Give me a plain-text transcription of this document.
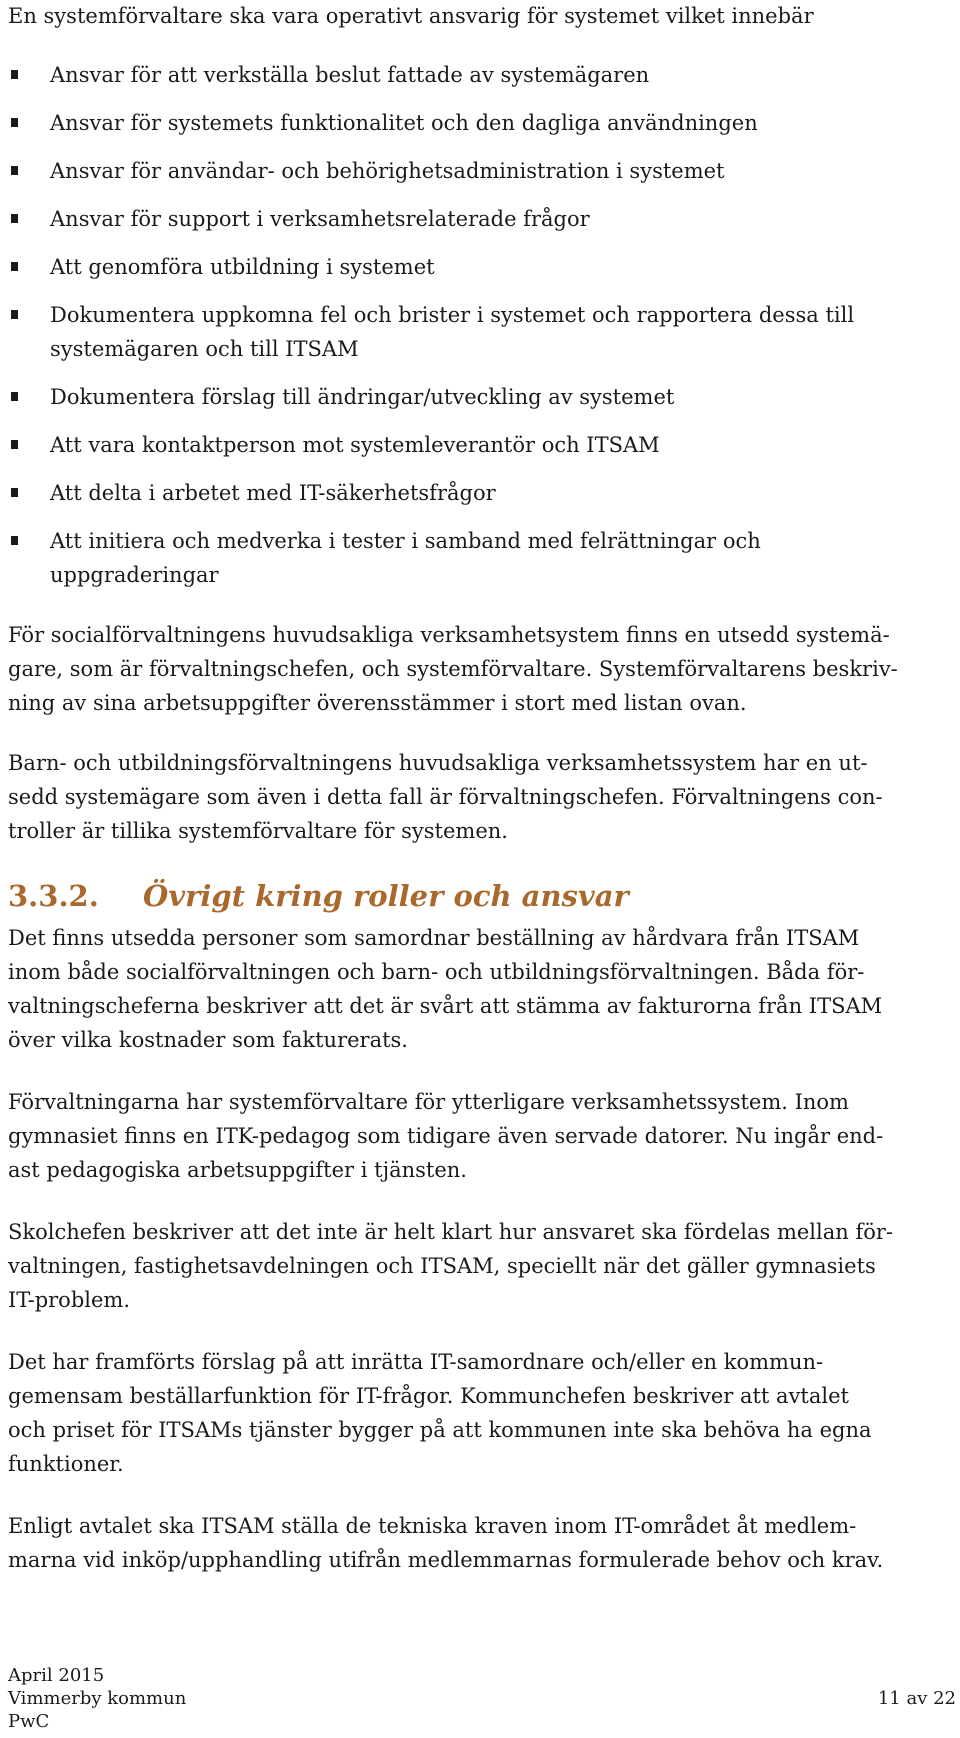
En systemförvaltare ska vara operativt ansvarig för systemet vilket innebär

Ansvar för att verkställa beslut fattade av systemägaren
Ansvar för systemets funktionalitet och den dagliga användningen
Ansvar för användar- och behörighetsadministration i systemet
Ansvar för support i verksamhetsrelaterade frågor
Att genomföra utbildning i systemet
Dokumentera uppkomna fel och brister i systemet och rapportera dessa till
systemägaren och till ITSAM
Dokumentera förslag till ändringar/utveckling av systemet
Att vara kontaktperson mot systemleverantör och ITSAM
Att delta i arbetet med IT-säkerhetsfrågor
Att initiera och medverka i tester i samband med felrättningar och
uppgraderingar

För socialförvaltningens huvudsakliga verksamhetsystem finns en utsedd systemä-
gare, som är förvaltningschefen, och systemförvaltare. Systemförvaltarens beskriv-
ning av sina arbetsuppgifter överensstämmer i stort med listan ovan.

Barn- och utbildningsförvaltningens huvudsakliga verksamhetssystem har en ut-
sedd systemägare som även i detta fall är förvaltningschefen. Förvaltningens con-
troller är tillika systemförvaltare för systemen.

3.3.2. Övrigt kring roller och ansvar

Det finns utsedda personer som samordnar beställning av hårdvara från ITSAM
inom både socialförvaltningen och barn- och utbildningsförvaltningen. Båda för-
valtningscheferna beskriver att det är svårt att stämma av fakturorna från ITSAM
över vilka kostnader som fakturerats.

Förvaltningarna har systemförvaltare för ytterligare verksamhetssystem. Inom
gymnasiet finns en ITK-pedagog som tidigare även servade datorer. Nu ingår end-
ast pedagogiska arbetsuppgifter i tjänsten.

Skolchefen beskriver att det inte är helt klart hur ansvaret ska fördelas mellan för-
valtningen, fastighetsavdelningen och ITSAM, speciellt när det gäller gymnasiets
IT-problem.

Det har framförts förslag på att inrätta IT-samordnare och/eller en kommun-
gemensam beställarfunktion för IT-frågor. Kommunchefen beskriver att avtalet
och priset för ITSAMs tjänster bygger på att kommunen inte ska behöva ha egna
funktioner.

Enligt avtalet ska ITSAM ställa de tekniska kraven inom IT-området åt medlem-
marna vid inköp/upphandling utifrån medlemmarnas formulerade behov och krav.

April 2015
Vimmerby kommun
PwC
11 av 22
